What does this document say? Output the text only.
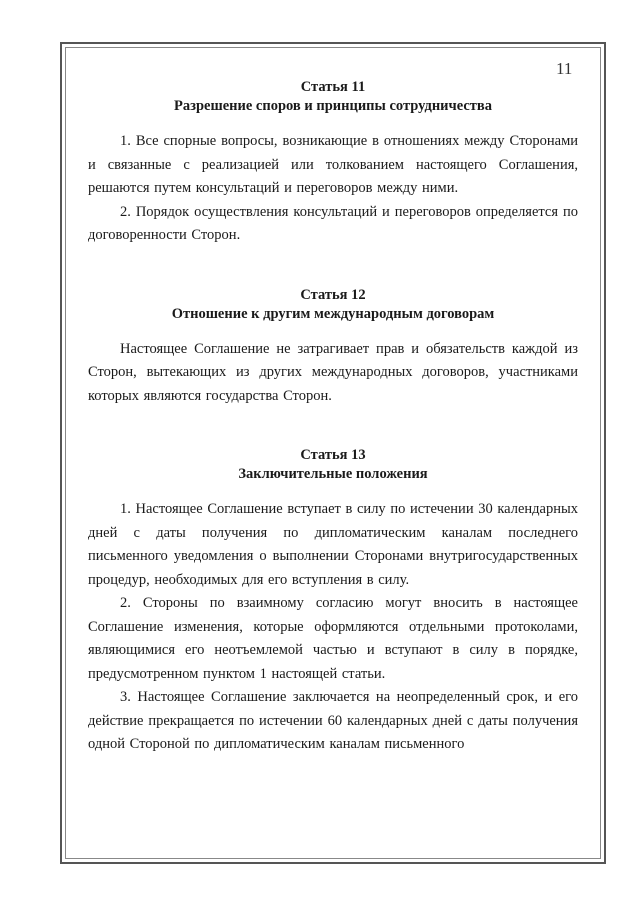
11
Статья 11
Разрешение споров и принципы сотрудничества

1. Все спорные вопросы, возникающие в отношениях между Сторонами и связанные с реализацией или толкованием настоящего Соглашения, решаются путем консультаций и переговоров между ними.

2. Порядок осуществления консультаций и переговоров определяется по договоренности Сторон.

Статья 12
Отношение к другим международным договорам

Настоящее Соглашение не затрагивает прав и обязательств каждой из Сторон, вытекающих из других международных договоров, участниками которых являются государства Сторон.

Статья 13
Заключительные положения

1. Настоящее Соглашение вступает в силу по истечении 30 календарных дней с даты получения по дипломатическим каналам последнего письменного уведомления о выполнении Сторонами внутригосударственных процедур, необходимых для его вступления в силу.

2. Стороны по взаимному согласию могут вносить в настоящее Соглашение изменения, которые оформляются отдельными протоколами, являющимися его неотъемлемой частью и вступают в силу в порядке, предусмотренном пунктом 1 настоящей статьи.

3. Настоящее Соглашение заключается на неопределенный срок, и его действие прекращается по истечении 60 календарных дней с даты получения одной Стороной по дипломатическим каналам письменного
